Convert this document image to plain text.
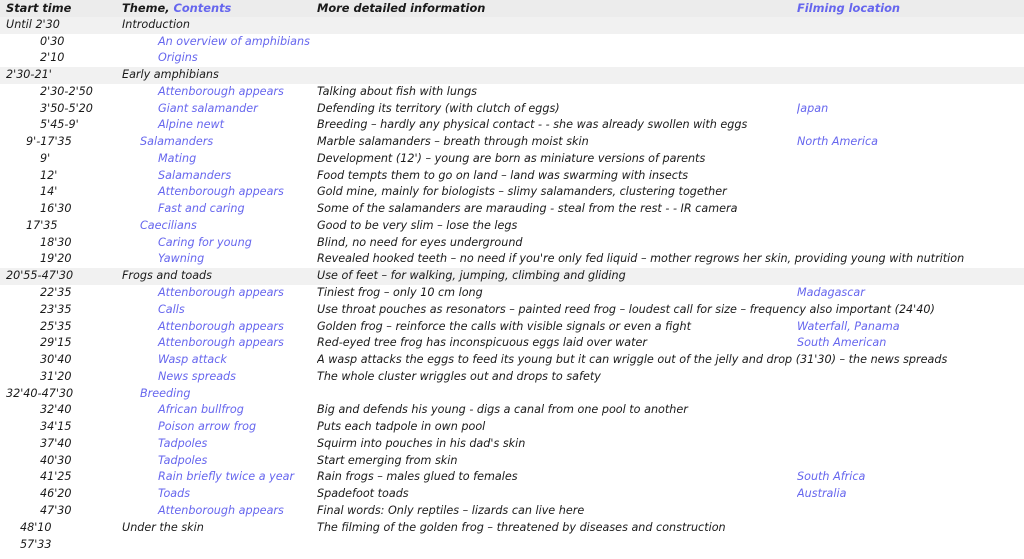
Start time	Theme, Contents	More detailed information	Filming location
Until 2'30	Introduction
0'30	An overview of amphibians
2'10	Origins
2'30-21'	Early amphibians
2'30-2'50	Attenborough appears	Talking about fish with lungs
3'50-5'20	Giant salamander	Defending its territory (with clutch of eggs)	Japan
5'45-9'	Alpine newt	Breeding – hardly any physical contact - - she was already swollen with eggs
9'-17'35	Salamanders	Marble salamanders – breath through moist skin	North America
9'	Mating	Development (12') – young are born as miniature versions of parents
12'	Salamanders	Food tempts them to go on land – land was swarming with insects
14'	Attenborough appears	Gold mine, mainly for biologists – slimy salamanders, clustering together
16'30	Fast and caring	Some of the salamanders are marauding - steal from the rest - - IR camera
17'35	Caecilians	Good to be very slim – lose the legs
18'30	Caring for young	Blind, no need for eyes underground
19'20	Yawning	Revealed hooked teeth – no need if you're only fed liquid – mother regrows her skin, providing young with nutrition
20'55-47'30	Frogs and toads	Use of feet – for walking, jumping, climbing and gliding
22'35	Attenborough appears	Tiniest frog – only 10 cm long	Madagascar
23'35	Calls	Use throat pouches as resonators – painted reed frog – loudest call for size – frequency also important (24'40)
25'35	Attenborough appears	Golden frog – reinforce the calls with visible signals or even a fight	Waterfall, Panama
29'15	Attenborough appears	Red-eyed tree frog has inconspicuous eggs laid over water	South American
30'40	Wasp attack	A wasp attacks the eggs to feed its young but it can wriggle out of the jelly and drop (31'30) – the news spreads
31'20	News spreads	The whole cluster wriggles out and drops to safety
32'40-47'30	Breeding
32'40	African bullfrog	Big and defends his young - digs a canal from one pool to another
34'15	Poison arrow frog	Puts each tadpole in own pool
37'40	Tadpoles	Squirm into pouches in his dad's skin
40'30	Tadpoles	Start emerging from skin
41'25	Rain briefly twice a year	Rain frogs – males glued to females	South Africa
46'20	Toads	Spadefoot toads	Australia
47'30	Attenborough appears	Final words: Only reptiles – lizards can live here
48'10	Under the skin	The filming of the golden frog – threatened by diseases and construction
57'33
